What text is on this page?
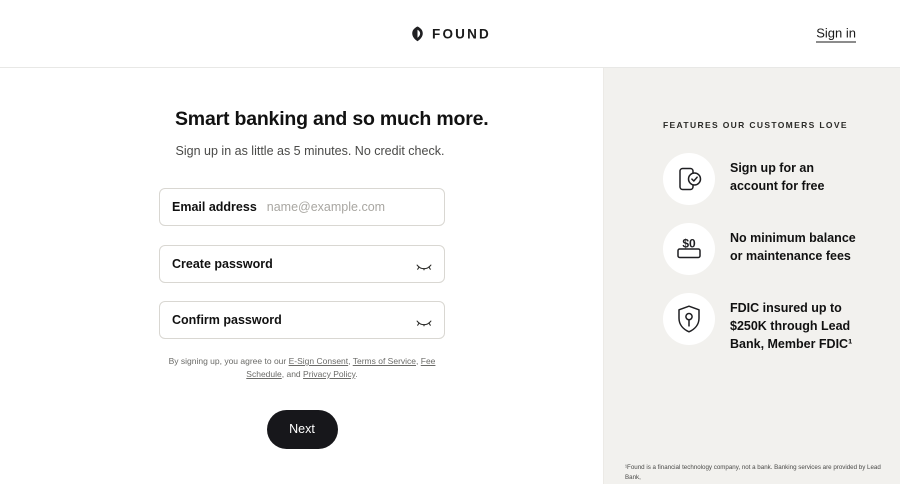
FOUND	Sign in
Smart banking and so much more.

Sign up in as little as 5 minutes. No credit check.

Email address
name@example.com
Create password
Confirm password
By signing up, you agree to our E-Sign Consent, Terms of Service, Fee Schedule, and Privacy Policy.
Next
FEATURES OUR CUSTOMERS LOVE
Sign up for an account for free
$0	No minimum balance or maintenance fees
FDIC insured up to $250K through Lead Bank, Member FDIC¹
¹Found is a financial technology company, not a bank. Banking services are provided by Lead Bank,
